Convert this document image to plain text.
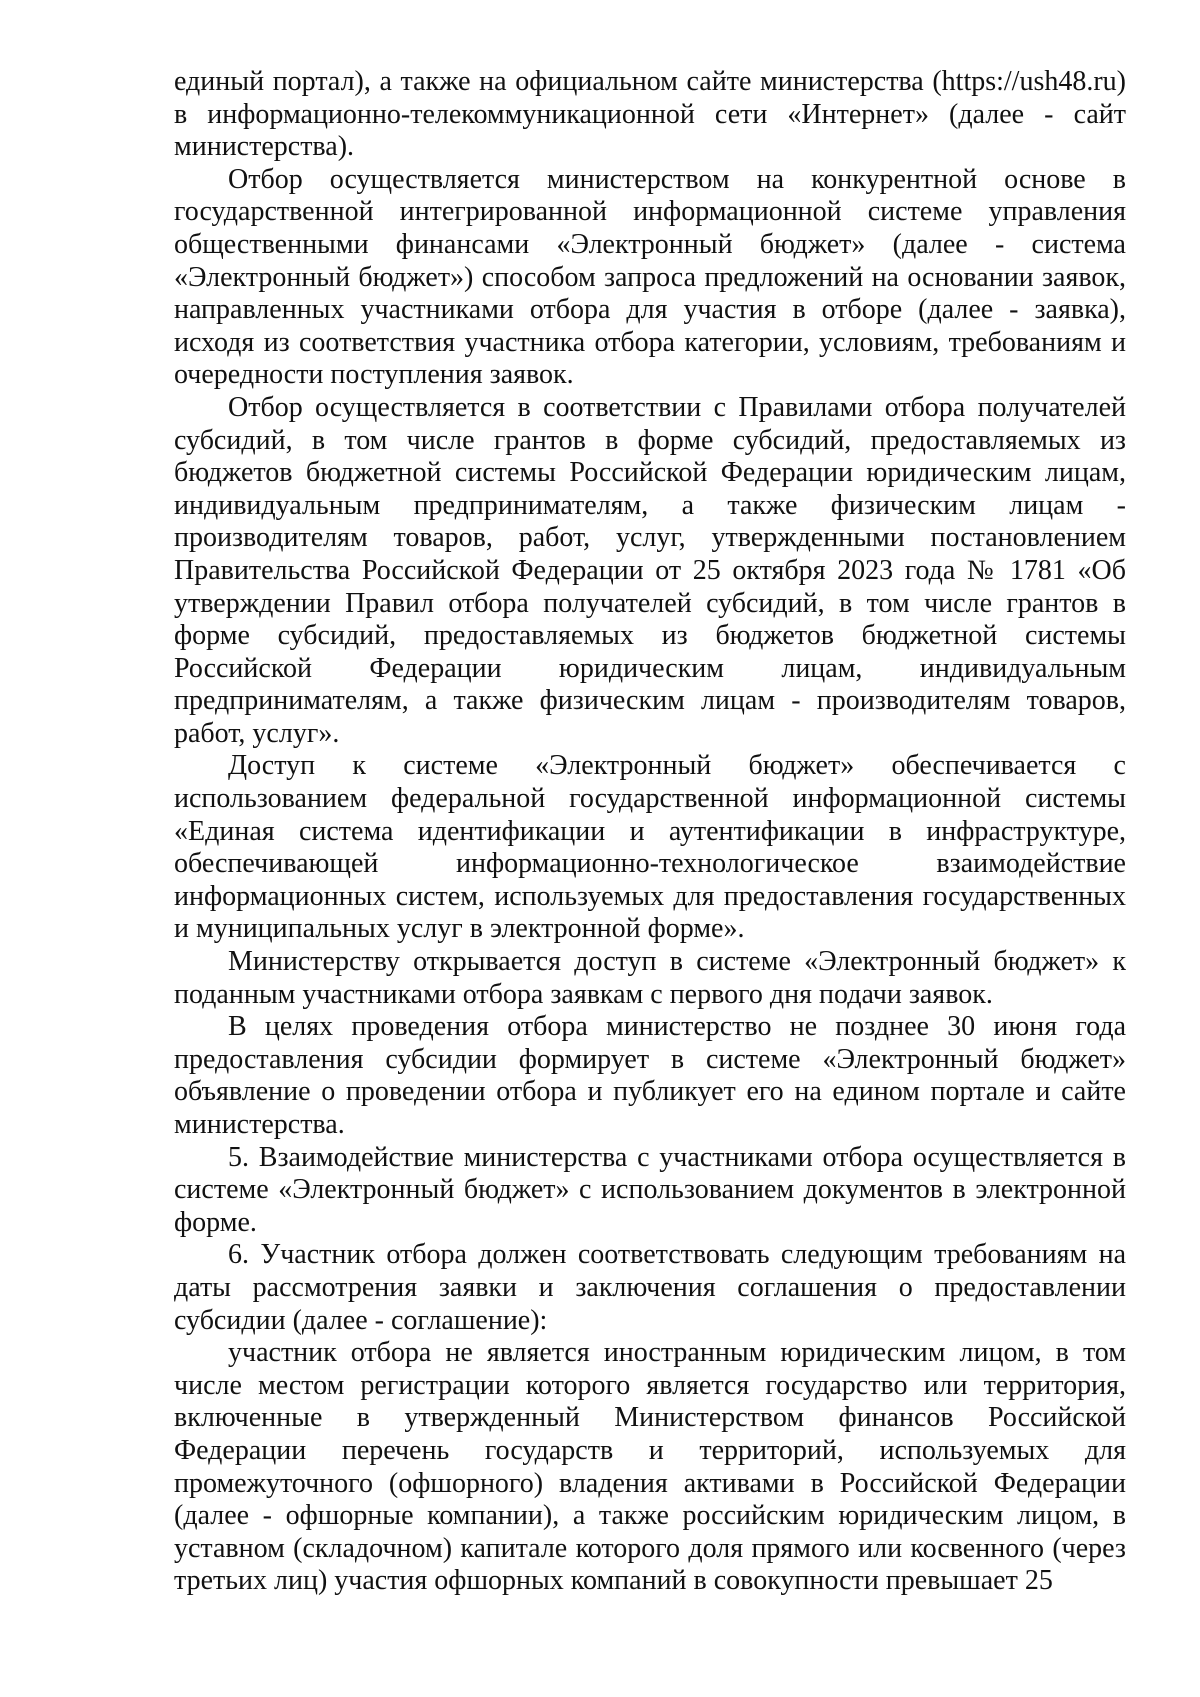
единый портал), а также на официальном сайте министерства (https://ush48.ru) в информационно-телекоммуникационной сети «Интернет» (далее - сайт министерства).

Отбор осуществляется министерством на конкурентной основе в государственной интегрированной информационной системе управления общественными финансами «Электронный бюджет» (далее - система «Электронный бюджет») способом запроса предложений на основании заявок, направленных участниками отбора для участия в отборе (далее - заявка), исходя из соответствия участника отбора категории, условиям, требованиям и очередности поступления заявок.

Отбор осуществляется в соответствии с Правилами отбора получателей субсидий, в том числе грантов в форме субсидий, предоставляемых из бюджетов бюджетной системы Российской Федерации юридическим лицам, индивидуальным предпринимателям, а также физическим лицам - производителям товаров, работ, услуг, утвержденными постановлением Правительства Российской Федерации от 25 октября 2023 года № 1781 «Об утверждении Правил отбора получателей субсидий, в том числе грантов в форме субсидий, предоставляемых из бюджетов бюджетной системы Российской Федерации юридическим лицам, индивидуальным предпринимателям, а также физическим лицам - производителям товаров, работ, услуг».

Доступ к системе «Электронный бюджет» обеспечивается с использованием федеральной государственной информационной системы «Единая система идентификации и аутентификации в инфраструктуре, обеспечивающей информационно-технологическое взаимодействие информационных систем, используемых для предоставления государственных и муниципальных услуг в электронной форме».

Министерству открывается доступ в системе «Электронный бюджет» к поданным участниками отбора заявкам с первого дня подачи заявок.

В целях проведения отбора министерство не позднее 30 июня года предоставления субсидии формирует в системе «Электронный бюджет» объявление о проведении отбора и публикует его на едином портале и сайте министерства.

5. Взаимодействие министерства с участниками отбора осуществляется в системе «Электронный бюджет» с использованием документов в электронной форме.

6. Участник отбора должен соответствовать следующим требованиям на даты рассмотрения заявки и заключения соглашения о предоставлении субсидии (далее - соглашение):

участник отбора не является иностранным юридическим лицом, в том числе местом регистрации которого является государство или территория, включенные в утвержденный Министерством финансов Российской Федерации перечень государств и территорий, используемых для промежуточного (офшорного) владения активами в Российской Федерации (далее - офшорные компании), а также российским юридическим лицом, в уставном (складочном) капитале которого доля прямого или косвенного (через третьих лиц) участия офшорных компаний в совокупности превышает 25
